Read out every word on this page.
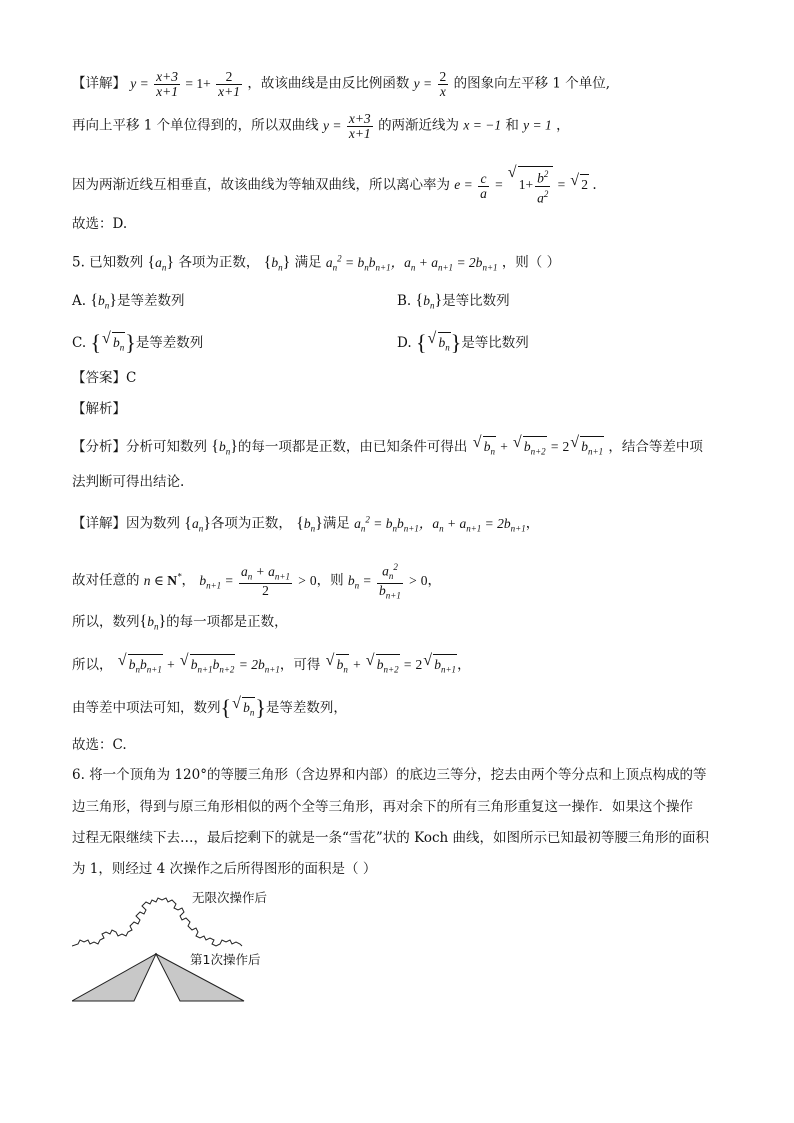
【详解】 $y = \frac{x+3}{x+1} = 1+ \frac{2}{x+1}$ ，故该曲线是由反比例函数 $y = \frac{2}{x}$ 的图象向左平移 1 个单位,
再向上平移 1 个单位得到的，所以双曲线 $y = \frac{x+3}{x+1}$ 的两渐近线为 x = −1 和 y = 1 ，
因为两渐近线互相垂直，故该曲线为等轴双曲线，所以离心率为 $e = \frac{c}{a}$ = √ $1+ \frac{b^2}{a^2}$ = √ 2 .
故选：D.
5. 已知数列 $\{a_n\}$ 各项为正数， $\{b_n\}$ 满足 $a_n^2 = b_nb_{n+1}$，$a_n + a_{n+1} = 2b_{n+1}$ ，则（ ）
A. $\{b_n\}$是等差数列	B. $\{b_n\}$是等比数列
C. {√ $b_n$}是等差数列	D. {√ $b_n$}是等比数列
【答案】C
【解析】
【分析】分析可知数列 $\{b_n\}$的每一项都是正数，由已知条件可得出 √ $b_n$ + √ $b_{n+2} = 2√$ $b_{n+1}$ ，结合等差中项
法判断可得出结论.
【详解】因为数列 $\{a_n\}$各项为正数， $\{b_n\}$满足 $a_n^2 = b_nb_{n+1}$，$a_n + a_{n+1} = 2b_{n+1}$，
故对任意的 n ∈ N*， $b_{n+1} = \frac{a_n + a_{n+1}}{2} > 0$，则 $b_n = \frac{a_n^2}{b_{n+1}} > 0$，
所以，数列$\{b_n\}$的每一项都是正数，
所以， √ $b_nb_{n+1}$ + √ $b_{n+1}b_{n+2} = 2b_{n+1}$，可得 √ $b_n$ + √ $b_{n+2} = 2√$ $b_{n+1}$，
由等差中项法可知，数列{√ $b_n$}是等差数列，
故选：C.
6. 将一个顶角为 120°的等腰三角形（含边界和内部）的底边三等分，挖去由两个等分点和上顶点构成的等
边三角形，得到与原三角形相似的两个全等三角形，再对余下的所有三角形重复这一操作．如果这个操作
过程无限继续下去…，最后挖剩下的就是一条“雪花”状的 Koch 曲线，如图所示已知最初等腰三角形的面积
为 1，则经过 4 次操作之后所得图形的面积是（ ）
无限次操作后
第1次操作后
